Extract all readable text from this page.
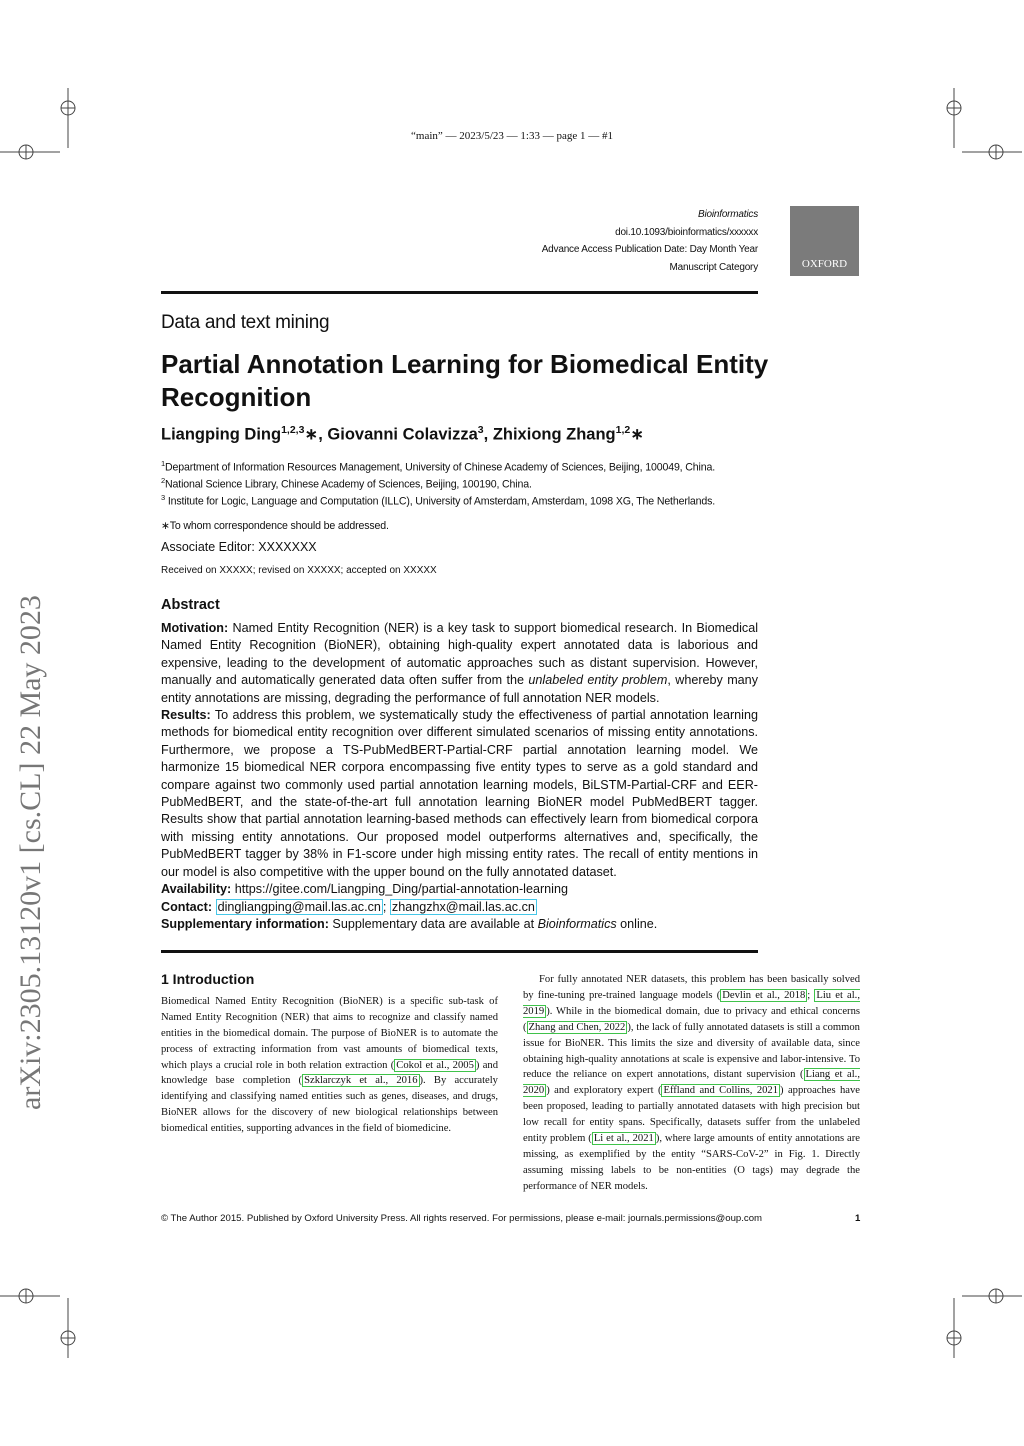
“main” — 2023/5/23 — 1:33 — page 1 — #1
Bioinformatics
doi.10.1093/bioinformatics/xxxxxx
Advance Access Publication Date: Day Month Year
Manuscript Category	OXFORD
Data and text mining
Partial Annotation Learning for Biomedical Entity Recognition
Liangping Ding$^{1,2,3}$∗, Giovanni Colavizza$^3$, Zhixiong Zhang$^{1,2}$∗
$^1$Department of Information Resources Management, University of Chinese Academy of Sciences, Beijing, 100049, China.
$^2$National Science Library, Chinese Academy of Sciences, Beijing, 100190, China.
$^3$ Institute for Logic, Language and Computation (ILLC), University of Amsterdam, Amsterdam, 1098 XG, The Netherlands.
∗To whom correspondence should be addressed.
Associate Editor: XXXXXXX
Received on XXXXX; revised on XXXXX; accepted on XXXXX
Abstract

Motivation: Named Entity Recognition (NER) is a key task to support biomedical research. In Biomedical Named Entity Recognition (BioNER), obtaining high-quality expert annotated data is laborious and expensive, leading to the development of automatic approaches such as distant supervision. However, manually and automatically generated data often suffer from the unlabeled entity problem, whereby many entity annotations are missing, degrading the performance of full annotation NER models.

Results: To address this problem, we systematically study the effectiveness of partial annotation learning methods for biomedical entity recognition over different simulated scenarios of missing entity annotations. Furthermore, we propose a TS-PubMedBERT-Partial-CRF partial annotation learning model. We harmonize 15 biomedical NER corpora encompassing five entity types to serve as a gold standard and compare against two commonly used partial annotation learning models, BiLSTM-Partial-CRF and EER-PubMedBERT, and the state-of-the-art full annotation learning BioNER model PubMedBERT tagger. Results show that partial annotation learning-based methods can effectively learn from biomedical corpora with missing entity annotations. Our proposed model outperforms alternatives and, specifically, the PubMedBERT tagger by 38% in F1-score under high missing entity rates. The recall of entity mentions in our model is also competitive with the upper bound on the fully annotated dataset.

Availability: https://gitee.com/Liangping_Ding/partial-annotation-learning

Contact: dingliangping@mail.las.ac.cn ; zhangzhx@mail.las.ac.cn

Supplementary information: Supplementary data are available at Bioinformatics online.

1 Introduction

Biomedical Named Entity Recognition (BioNER) is a specific sub-task of Named Entity Recognition (NER) that aims to recognize and classify named entities in the biomedical domain. The purpose of BioNER is to automate the process of extracting information from vast amounts of biomedical texts, which plays a crucial role in both relation extraction ( Cokol et al., 2005 ) and knowledge base completion ( Szklarczyk et al., 2016 ). By accurately identifying and classifying named entities such as genes, diseases, and drugs, BioNER allows for the discovery of new biological relationships between biomedical entities, supporting advances in the field of biomedicine.

For fully annotated NER datasets, this problem has been basically solved by fine-tuning pre-trained language models ( Devlin et al., 2018 ; Liu et al., 2019 ). While in the biomedical domain, due to privacy and ethical concerns ( Zhang and Chen, 2022 ), the lack of fully annotated datasets is still a common issue for BioNER. This limits the size and diversity of available data, since obtaining high-quality annotations at scale is expensive and labor-intensive. To reduce the reliance on expert annotations, distant supervision ( Liang et al., 2020 ) and exploratory expert ( Effland and Collins, 2021 ) approaches have been proposed, leading to partially annotated datasets with high precision but low recall for entity spans. Specifically, datasets suffer from the unlabeled entity problem ( Li et al., 2021 ), where large amounts of entity annotations are missing, as exemplified by the entity “SARS-CoV-2” in Fig. 1. Directly assuming missing labels to be non-entities (O tags) may degrade the performance of NER models.

© The Author 2015. Published by Oxford University Press. All rights reserved. For permissions, please e-mail: journals.permissions@oup.com	1
arXiv:2305.13120v1 [cs.CL] 22 May 2023
